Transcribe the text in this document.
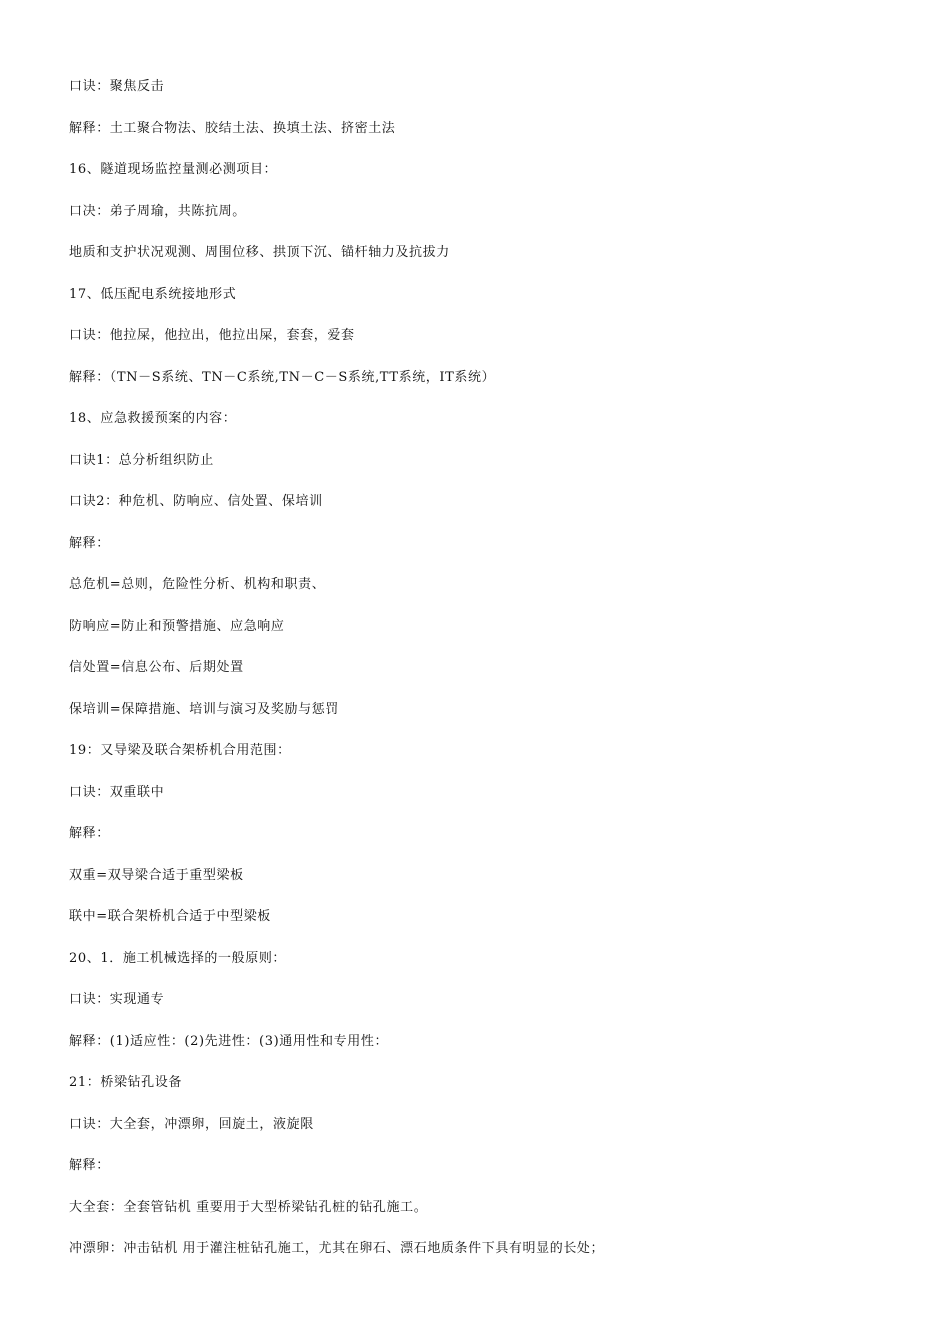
口诀：聚焦反击
解释：土工聚合物法、胶结土法、换填土法、挤密土法
16、隧道现场监控量测必测项目：
口决：弟子周瑜，共陈抗周。
地质和支护状况观测、周围位移、拱顶下沉、锚杆轴力及抗拔力
17、低压配电系统接地形式
口诀：他拉屎，他拉出，他拉出屎，套套，爱套
解释：（TN－S系统、TN－C系统,TN－C－S系统,TT系统，IT系统）
18、应急救援预案的内容：
口诀1：总分析组织防止
口诀2：种危机、防响应、信处置、保培训
解释：
总危机=总则，危险性分析、机构和职责、
防响应=防止和预警措施、应急响应
信处置=信息公布、后期处置
保培训=保障措施、培训与演习及奖励与惩罚
19：又导梁及联合架桥机合用范围：
口诀：双重联中
解释：
双重=双导梁合适于重型梁板
联中=联合架桥机合适于中型梁板
20、1．施工机械选择的一般原则：
口诀：实现通专
解释：(1)适应性：(2)先进性：(3)通用性和专用性：
21：桥梁钻孔设备
口诀：大全套，冲漂卵，回旋土，液旋限
解释：
大全套：全套管钻机 重要用于大型桥梁钻孔桩的钻孔施工。
冲漂卵：冲击钻机 用于灌注桩钻孔施工，尤其在卵石、漂石地质条件下具有明显的长处；
